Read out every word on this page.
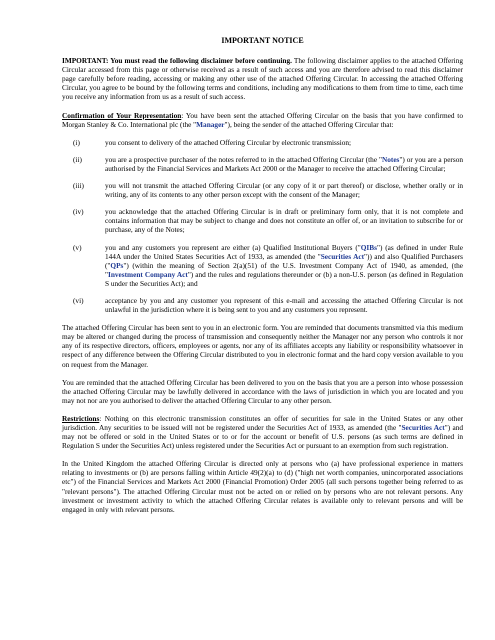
IMPORTANT NOTICE

IMPORTANT: You must read the following disclaimer before continuing. The following disclaimer applies to the attached Offering Circular accessed from this page or otherwise received as a result of such access and you are therefore advised to read this disclaimer page carefully before reading, accessing or making any other use of the attached Offering Circular. In accessing the attached Offering Circular, you agree to be bound by the following terms and conditions, including any modifications to them from time to time, each time you receive any information from us as a result of such access.

Confirmation of Your Representation: You have been sent the attached Offering Circular on the basis that you have confirmed to Morgan Stanley & Co. International plc (the "Manager"), being the sender of the attached Offering Circular that:

(i)	you consent to delivery of the attached Offering Circular by electronic transmission;
(ii)	you are a prospective purchaser of the notes referred to in the attached Offering Circular (the "Notes") or you are a person authorised by the Financial Services and Markets Act 2000 or the Manager to receive the attached Offering Circular;
(iii)	you will not transmit the attached Offering Circular (or any copy of it or part thereof) or disclose, whether orally or in writing, any of its contents to any other person except with the consent of the Manager;
(iv)	you acknowledge that the attached Offering Circular is in draft or preliminary form only, that it is not complete and contains information that may be subject to change and does not constitute an offer of, or an invitation to subscribe for or purchase, any of the Notes;
(v)	you and any customers you represent are either (a) Qualified Institutional Buyers ("QIBs") (as defined in under Rule 144A under the United States Securities Act of 1933, as amended (the "Securities Act")) and also Qualified Purchasers ("QPs") (within the meaning of Section 2(a)(51) of the U.S. Investment Company Act of 1940, as amended, (the "Investment Company Act") and the rules and regulations thereunder or (b) a non-U.S. person (as defined in Regulation S under the Securities Act); and
(vi)	acceptance by you and any customer you represent of this e-mail and accessing the attached Offering Circular is not unlawful in the jurisdiction where it is being sent to you and any customers you represent.

The attached Offering Circular has been sent to you in an electronic form. You are reminded that documents transmitted via this medium may be altered or changed during the process of transmission and consequently neither the Manager nor any person who controls it nor any of its respective directors, officers, employees or agents, nor any of its affiliates accepts any liability or responsibility whatsoever in respect of any difference between the Offering Circular distributed to you in electronic format and the hard copy version available to you on request from the Manager.

You are reminded that the attached Offering Circular has been delivered to you on the basis that you are a person into whose possession the attached Offering Circular may be lawfully delivered in accordance with the laws of jurisdiction in which you are located and you may not nor are you authorised to deliver the attached Offering Circular to any other person.

Restrictions: Nothing on this electronic transmission constitutes an offer of securities for sale in the United States or any other jurisdiction. Any securities to be issued will not be registered under the Securities Act of 1933, as amended (the "Securities Act") and may not be offered or sold in the United States or to or for the account or benefit of U.S. persons (as such terms are defined in Regulation S under the Securities Act) unless registered under the Securities Act or pursuant to an exemption from such registration.

In the United Kingdom the attached Offering Circular is directed only at persons who (a) have professional experience in matters relating to investments or (b) are persons falling within Article 49(2)(a) to (d) ("high net worth companies, unincorporated associations etc") of the Financial Services and Markets Act 2000 (Financial Promotion) Order 2005 (all such persons together being referred to as "relevant persons"). The attached Offering Circular must not be acted on or relied on by persons who are not relevant persons. Any investment or investment activity to which the attached Offering Circular relates is available only to relevant persons and will be engaged in only with relevant persons.
